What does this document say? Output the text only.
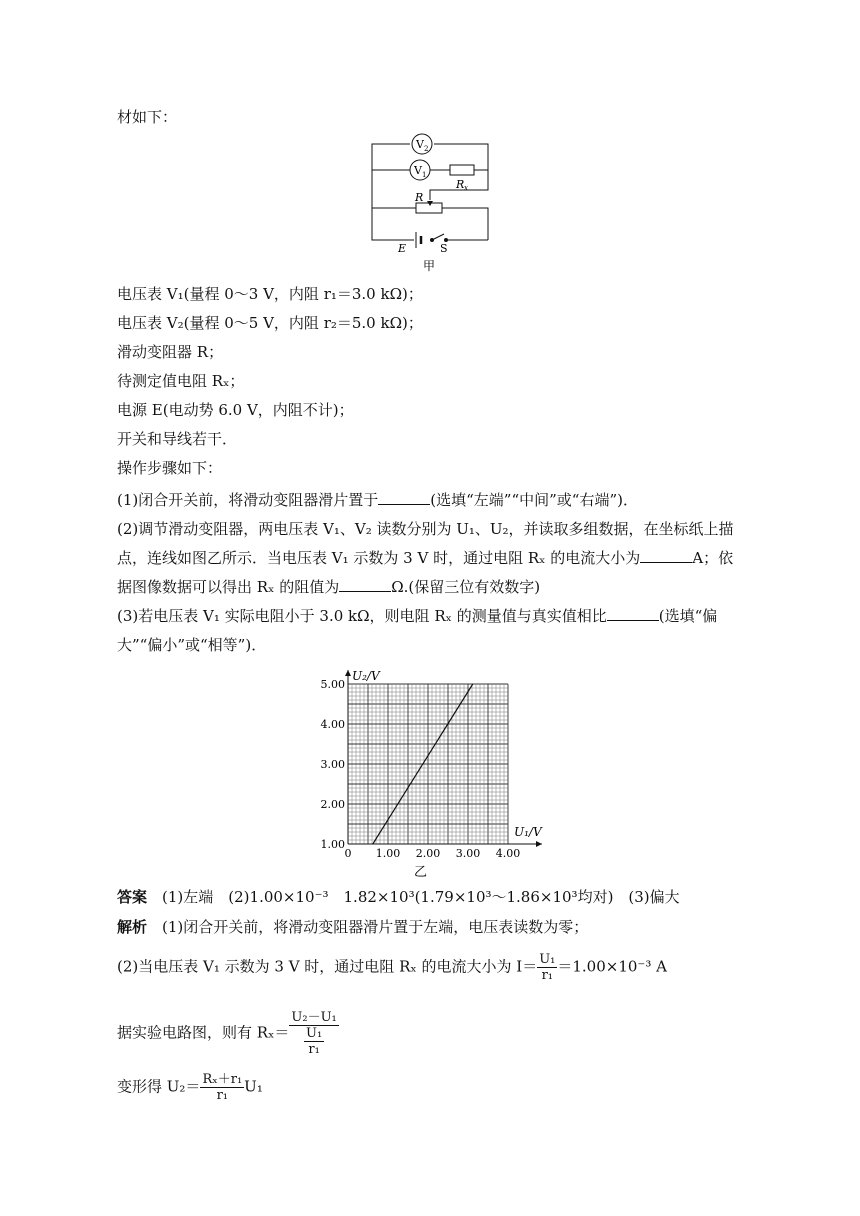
材如下：
V 2
V 1
R x
R
E	S
甲
电压表 V₁(量程 0～3 V，内阻 r₁＝3.0 kΩ)；
电压表 V₂(量程 0～5 V，内阻 r₂＝5.0 kΩ)；
滑动变阻器 R；
待测定值电阻 Rₓ；
电源 E(电动势 6.0 V，内阻不计)；
开关和导线若干．
操作步骤如下：
(1)闭合开关前，将滑动变阻器滑片置于	(选填“左端”“中间”或“右端”)．
(2)调节滑动变阻器，两电压表 V₁、V₂ 读数分别为 U₁、U₂，并读取多组数据，在坐标纸上描
点，连线如图乙所示．当电压表 V₁ 示数为 3 V 时，通过电阻 Rₓ 的电流大小为	A；依
据图像数据可以得出 Rₓ 的阻值为	Ω.(保留三位有效数字)
(3)若电压表 V₁ 实际电阻小于 3.0 kΩ，则电阻 Rₓ 的测量值与真实值相比	(选填“偏
大”“偏小”或“相等”)．
0 1.00 2.00 3.00 4.00
1.00
2.00
3.00
4.00
5.00
U₁/V
U₂/V
乙
答案　 (1)左端　(2)1.00×10⁻³　1.82×10³(1.79×10³～1.86×10³均对)　(3)偏大
解析　 (1)闭合开关前，将滑动变阻器滑片置于左端，电压表读数为零；
(2)当电压表 V₁ 示数为 3 V 时，通过电阻 Rₓ 的电流大小为 $I= \frac{\text{U₁}}{\text{r₁}} =1.00\times 10^{-3}$ A
据实验电路图，则有 $R_x= \frac{\text{U₂－U₁}}{\frac{\text{U₁}}{\text{r₁}}}$
变形得 $U_2= \frac{\text{Rₓ＋r₁}}{\text{r₁}} U_1$
